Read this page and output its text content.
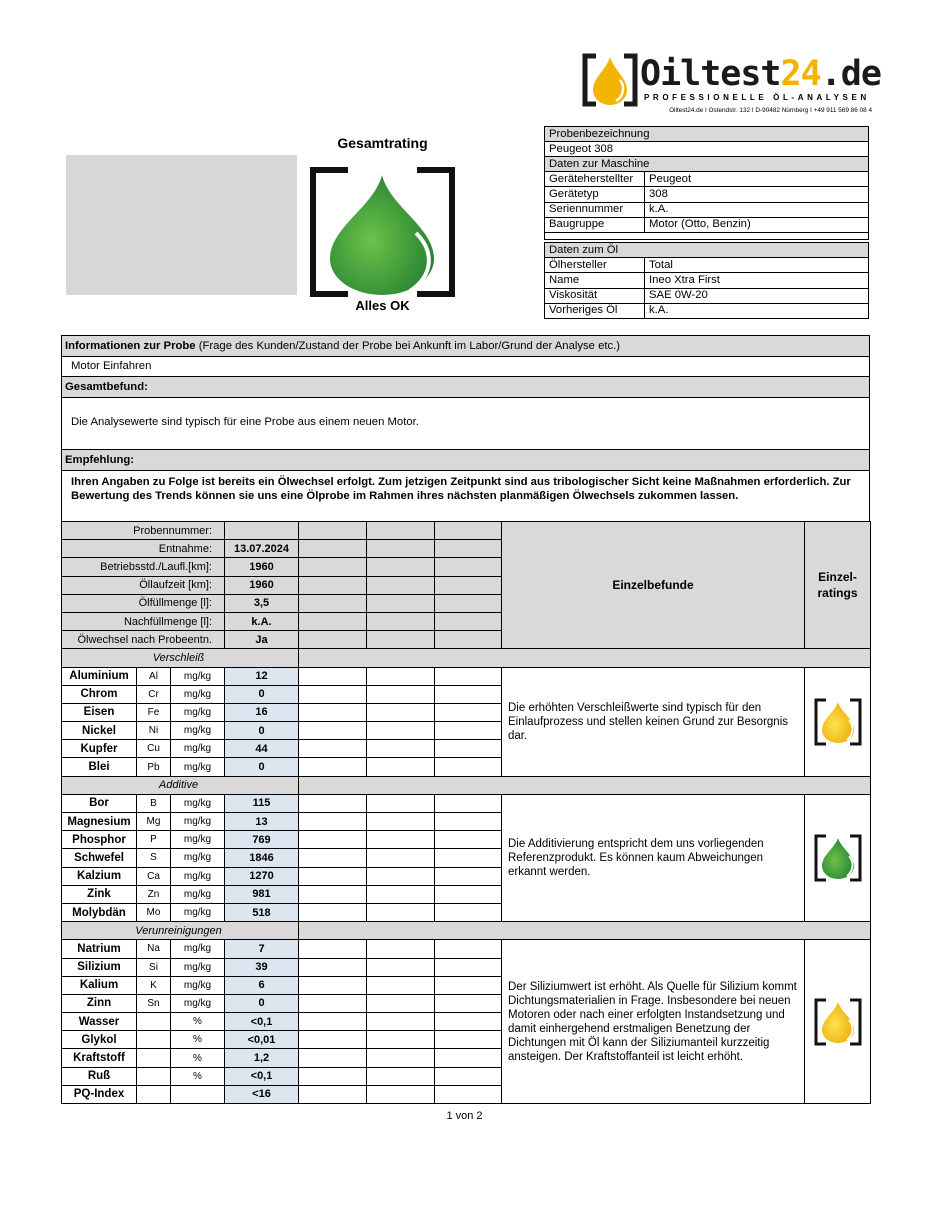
Oiltest24.de
PROFESSIONELLE ÖL-ANALYSEN
Oiltest24.de I Ostendstr. 132 I D-90482 Nürnberg I +49 911 569 86 08 4
Probenbezeichnung
Peugeot 308
Daten zur Maschine	
Geräteherstellter	Peugeot
Gerätetyp	308
Seriennummer	k.A.
Baugruppe	Motor (Otto, Benzin)

Daten zum Öl	
Ölhersteller	Total
Name	Ineo Xtra First
Viskosität	SAE 0W-20
Vorheriges Öl	k.A.
Gesamtrating
Alles OK
Informationen zur Probe (Frage des Kunden/Zustand der Probe bei Ankunft im Labor/Grund der Analyse etc.)
Motor Einfahren
Gesamtbefund:
Die Analysewerte sind typisch für eine Probe aus einem neuen Motor.
Empfehlung:
Ihren Angaben zu Folge ist bereits ein Ölwechsel erfolgt. Zum jetzigen Zeitpunkt sind aus tribologischer Sicht keine Maßnahmen erforderlich. Zur Bewertung des Trends können sie uns eine Ölprobe im Rahmen ihres nächsten planmäßigen Ölwechsels zukommen lassen.
Probennummer:							Einzelbefunde	Einzel-ratings
Entnahme:			13.07.2024					
Betriebsstd./Laufl.[km]:			1960					
Öllaufzeit [km]:			1960					
Ölfüllmenge [l]:			3,5					
Nachfüllmenge [l]:			k.A.					
Ölwechsel nach Probeentn.			Ja					
Verschleiß								
Aluminium	Al	mg/kg	12				Die erhöhten Verschleißwerte sind typisch für den Einlaufprozess und stellen keinen Grund zur Besorgnis dar.	

Chrom	Cr	mg/kg	0					
Eisen	Fe	mg/kg	16					
Nickel	Ni	mg/kg	0					
Kupfer	Cu	mg/kg	44					
Blei	Pb	mg/kg	0					
Additive								
Bor	B	mg/kg	115				Die Additivierung entspricht dem uns vorliegenden Referenzprodukt. Es können kaum Abweichungen erkannt werden.	

Magnesium	Mg	mg/kg	13					
Phosphor	P	mg/kg	769					
Schwefel	S	mg/kg	1846					
Kalzium	Ca	mg/kg	1270					
Zink	Zn	mg/kg	981					
Molybdän	Mo	mg/kg	518					
Verunreinigungen								
Natrium	Na	mg/kg	7				Der Siliziumwert ist erhöht. Als Quelle für Silizium kommt Dichtungsmaterialien in Frage. Insbesondere bei neuen Motoren oder nach einer erfolgten Instandsetzung und damit einhergehend erstmaligen Benetzung der Dichtungen mit Öl kann der Siliziumanteil kurzzeitig ansteigen. Der Kraftstoffanteil ist leicht erhöht.	

Silizium	Si	mg/kg	39					
Kalium	K	mg/kg	6					
Zinn	Sn	mg/kg	0					
Wasser		%	<0,1					
Glykol		%	<0,01					
Kraftstoff		%	1,2					
Ruß		%	<0,1					
PQ-Index			<16					
1 von 2
